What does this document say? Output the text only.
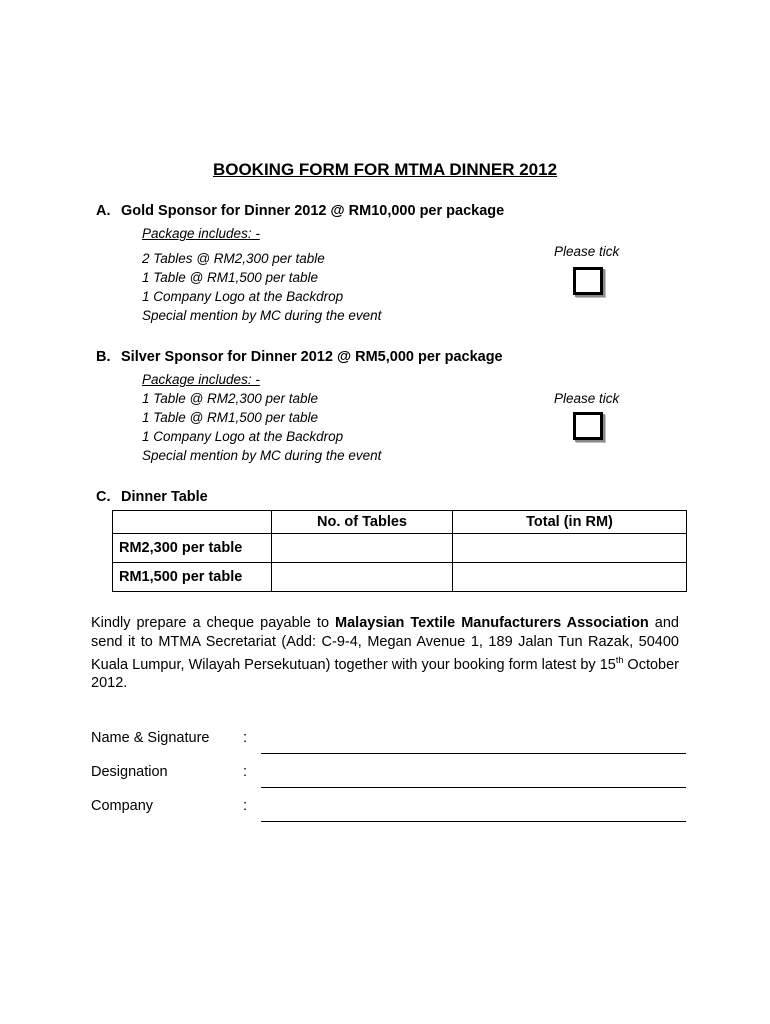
BOOKING FORM FOR MTMA DINNER 2012
A. Gold Sponsor for Dinner 2012 @ RM10,000 per package
Package includes: -
2 Tables @ RM2,300 per table
1 Table @ RM1,500 per table
1 Company Logo at the Backdrop
Special mention by MC during the event
Please tick
B. Silver Sponsor for Dinner 2012 @ RM5,000 per package
Package includes: -
1 Table @ RM2,300 per table
1 Table @ RM1,500 per table
1 Company Logo at the Backdrop
Special mention by MC during the event
Please tick
C. Dinner Table
	No. of Tables	Total (in RM)
RM2,300 per table		
RM1,500 per table		
Kindly prepare a cheque payable to Malaysian Textile Manufacturers Association and send it to MTMA Secretariat (Add: C-9-4, Megan Avenue 1, 189 Jalan Tun Razak, 50400 Kuala Lumpur, Wilayah Persekutuan) together with your booking form latest by 15th October 2012.
Name & Signature :
Designation	:
Company	:
